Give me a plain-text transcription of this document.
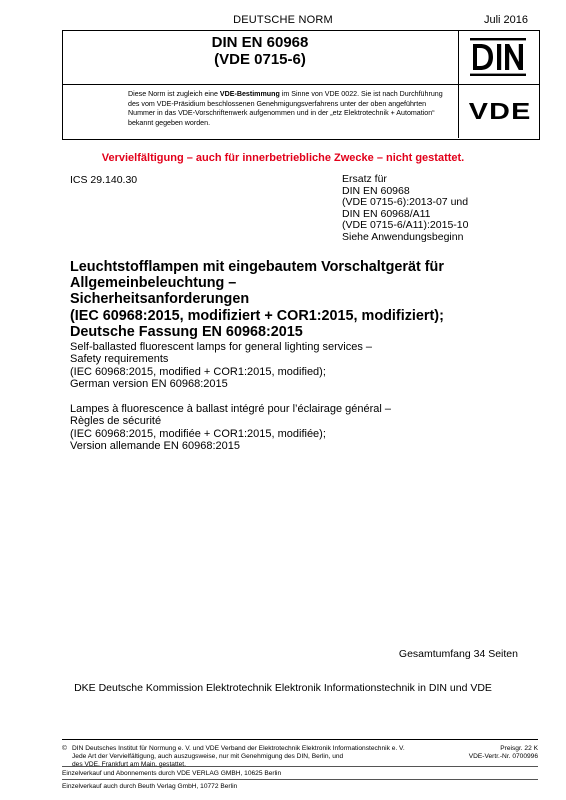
DEUTSCHE NORM	Juli 2016
DIN EN 60968
(VDE 0715-6)
DIN
Diese Norm ist zugleich eine VDE-Bestimmung im Sinne von VDE 0022. Sie ist nach Durchführung des vom VDE-Präsidium beschlossenen Genehmigungsverfahrens unter der oben angeführten Nummer in das VDE-Vorschriftenwerk aufgenommen und in der „etz Elektrotechnik + Automation“ bekannt gegeben worden.	VDE
Vervielfältigung – auch für innerbetriebliche Zwecke – nicht gestattet.
ICS 29.140.30	Ersatz für
DIN EN 60968
(VDE 0715-6):2013-07 und
DIN EN 60968/A11
(VDE 0715-6/A11):2015-10
Siehe Anwendungsbeginn
Leuchtstofflampen mit eingebautem Vorschaltgerät für
Allgemeinbeleuchtung –
Sicherheitsanforderungen
(IEC 60968:2015, modifiziert + COR1:2015, modifiziert);
Deutsche Fassung EN 60968:2015
Self-ballasted fluorescent lamps for general lighting services –
Safety requirements
(IEC 60968:2015, modified + COR1:2015, modified);
German version EN 60968:2015
Lampes à fluorescence à ballast intégré pour l’éclairage général –
Règles de sécurité
(IEC 60968:2015, modifiée + COR1:2015, modifiée);
Version allemande EN 60968:2015
Gesamtumfang 34 Seiten
DKE Deutsche Kommission Elektrotechnik Elektronik Informationstechnik in DIN und VDE
© DIN Deutsches Institut für Normung e. V. und VDE Verband der Elektrotechnik Elektronik Informationstechnik e. V.
Jede Art der Vervielfältigung, auch auszugsweise, nur mit Genehmigung des DIN, Berlin, und
des VDE, Frankfurt am Main, gestattet.
Preisgr. 22 K
VDE-Vertr.-Nr. 0700996
Einzelverkauf und Abonnements durch VDE VERLAG GMBH, 10625 Berlin
Einzelverkauf auch durch Beuth Verlag GmbH, 10772 Berlin
